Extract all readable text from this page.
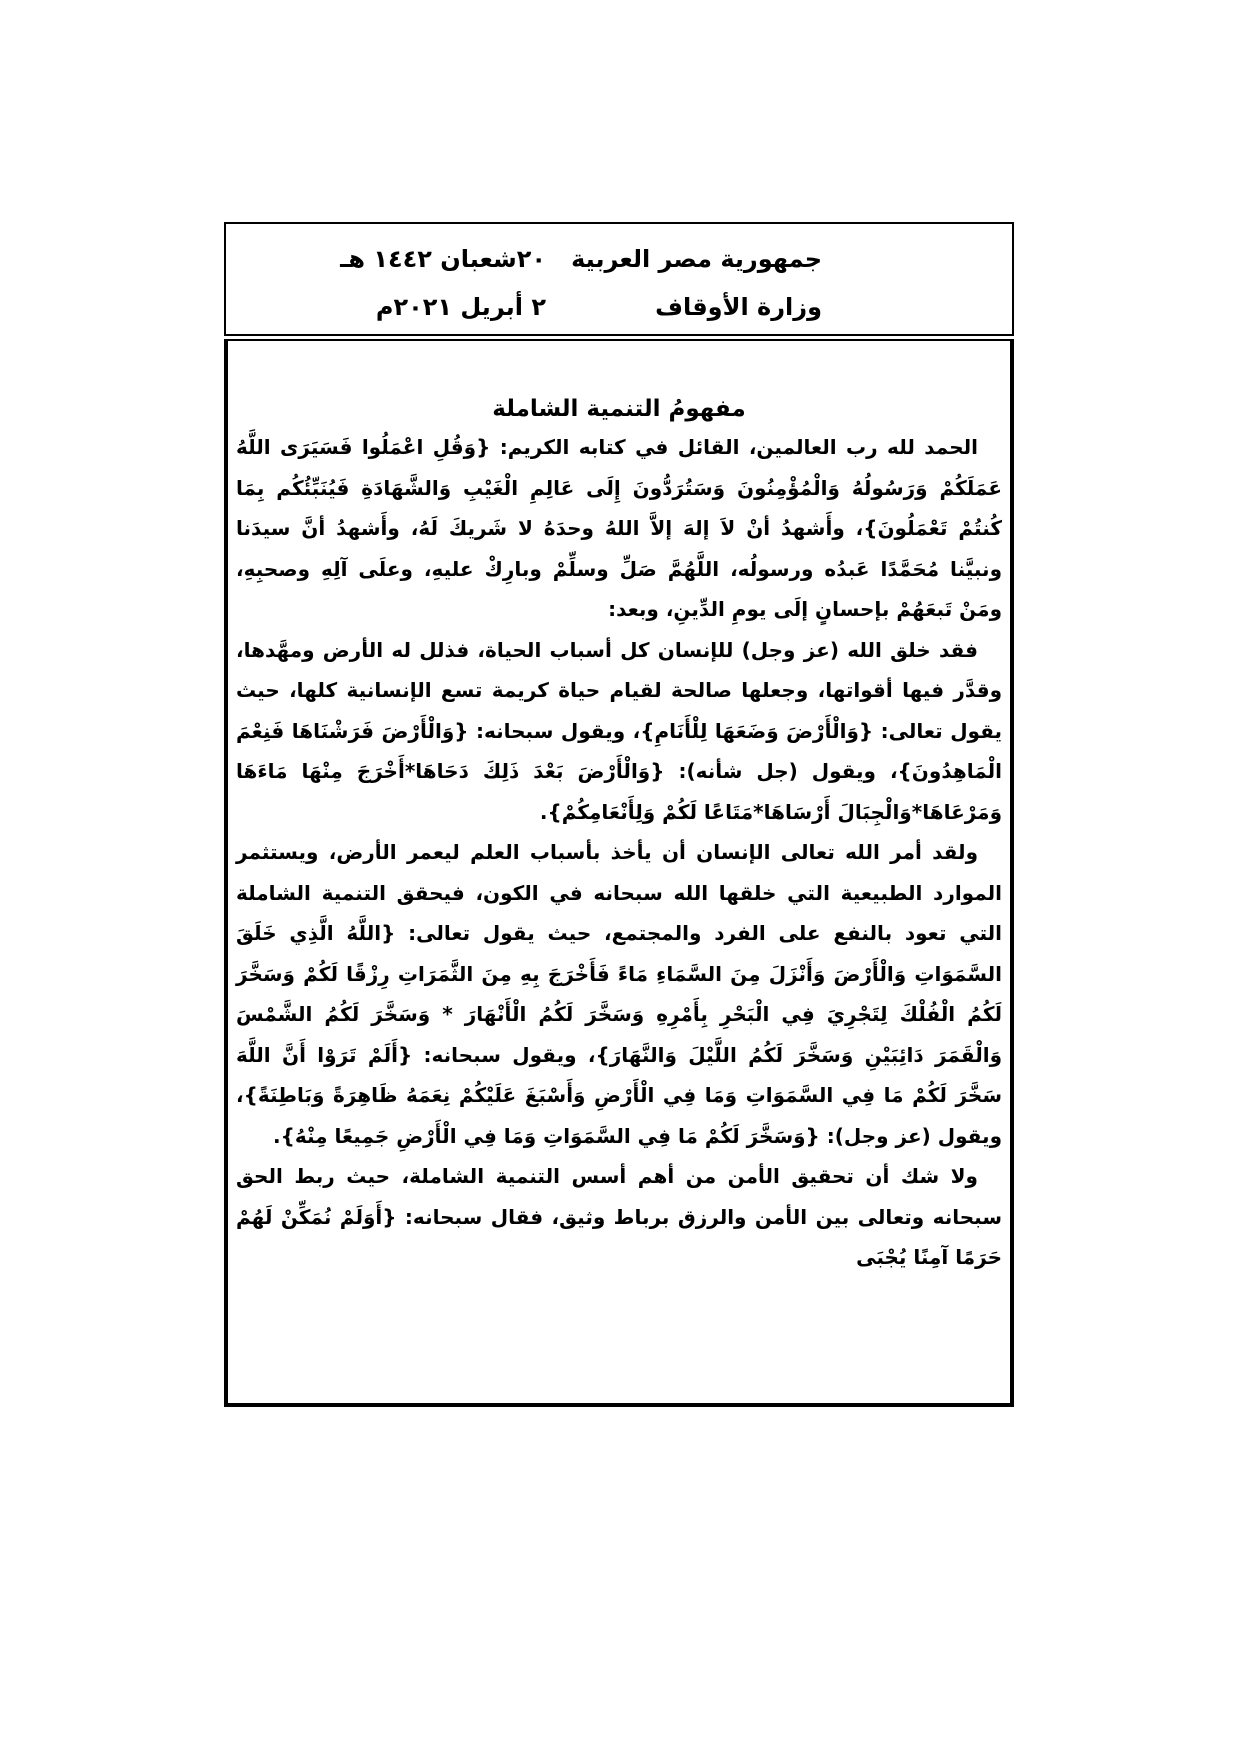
جمهورية مصر العربية
وزارة الأوقاف
٢٠شعبان ١٤٤٢ هـ
٢ أبريل ٢٠٢١م
مفهومُ التنمية الشاملة

الحمد لله رب العالمين، القائل في كتابه الكريم: {وَقُلِ اعْمَلُوا فَسَيَرَى اللَّهُ عَمَلَكُمْ وَرَسُولُهُ وَالْمُؤْمِنُونَ وَسَتُرَدُّونَ إِلَى عَالِمِ الْغَيْبِ وَالشَّهَادَةِ فَيُنَبِّئُكُم بِمَا كُنتُمْ تَعْمَلُونَ}، وأَشهدُ أنْ لاَ إلهَ إلاَّ اللهُ وحدَهُ لا شَريكَ لَهُ، وأَشهدُ أنَّ سيدَنا ونبيَّنا مُحَمَّدًا عَبدُه ورسولُه، اللَّهُمَّ صَلِّ وسلِّمْ وبارِكْ عليهِ، وعلَى آلِهِ وصحبِهِ، ومَنْ تَبعَهُمْ بإحسانٍ إلَى يومِ الدِّينِ، وبعد:

فقد خلق الله (عز وجل) للإنسان كل أسباب الحياة، فذلل له الأرض ومهَّدها، وقدَّر فيها أقواتها، وجعلها صالحة لقيام حياة كريمة تسع الإنسانية كلها، حيث يقول تعالى: {وَالْأَرْضَ وَضَعَهَا لِلْأَنَامِ}، ويقول سبحانه: {وَالْأَرْضَ فَرَشْنَاهَا فَنِعْمَ الْمَاهِدُونَ}، ويقول (جل شأنه): {وَالْأَرْضَ بَعْدَ ذَلِكَ دَحَاهَا*أَخْرَجَ مِنْهَا مَاءَهَا وَمَرْعَاهَا*وَالْجِبَالَ أَرْسَاهَا*مَتَاعًا لَكُمْ وَلِأَنْعَامِكُمْ}.

ولقد أمر الله تعالى الإنسان أن يأخذ بأسباب العلم ليعمر الأرض، ويستثمر الموارد الطبيعية التي خلقها الله سبحانه في الكون، فيحقق التنمية الشاملة التي تعود بالنفع على الفرد والمجتمع، حيث يقول تعالى: {اللَّهُ الَّذِي خَلَقَ السَّمَوَاتِ وَالْأَرْضَ وَأَنْزَلَ مِنَ السَّمَاءِ مَاءً فَأَخْرَجَ بِهِ مِنَ الثَّمَرَاتِ رِزْقًا لَكُمْ وَسَخَّرَ لَكُمُ الْفُلْكَ لِتَجْرِيَ فِي الْبَحْرِ بِأَمْرِهِ وَسَخَّرَ لَكُمُ الْأَنْهَارَ * وَسَخَّرَ لَكُمُ الشَّمْسَ وَالْقَمَرَ دَائِبَيْنِ وَسَخَّرَ لَكُمُ اللَّيْلَ وَالنَّهَارَ}، ويقول سبحانه: {أَلَمْ تَرَوْا أَنَّ اللَّهَ سَخَّرَ لَكُمْ مَا فِي السَّمَوَاتِ وَمَا فِي الْأَرْضِ وَأَسْبَغَ عَلَيْكُمْ نِعَمَهُ ظَاهِرَةً وَبَاطِنَةً}، ويقول (عز وجل): {وَسَخَّرَ لَكُمْ مَا فِي السَّمَوَاتِ وَمَا فِي الْأَرْضِ جَمِيعًا مِنْهُ}.

ولا شك أن تحقيق الأمن من أهم أسس التنمية الشاملة، حيث ربط الحق سبحانه وتعالى بين الأمن والرزق برباط وثيق، فقال سبحانه: {أَوَلَمْ نُمَكِّنْ لَهُمْ حَرَمًا آمِنًا يُجْبَى
